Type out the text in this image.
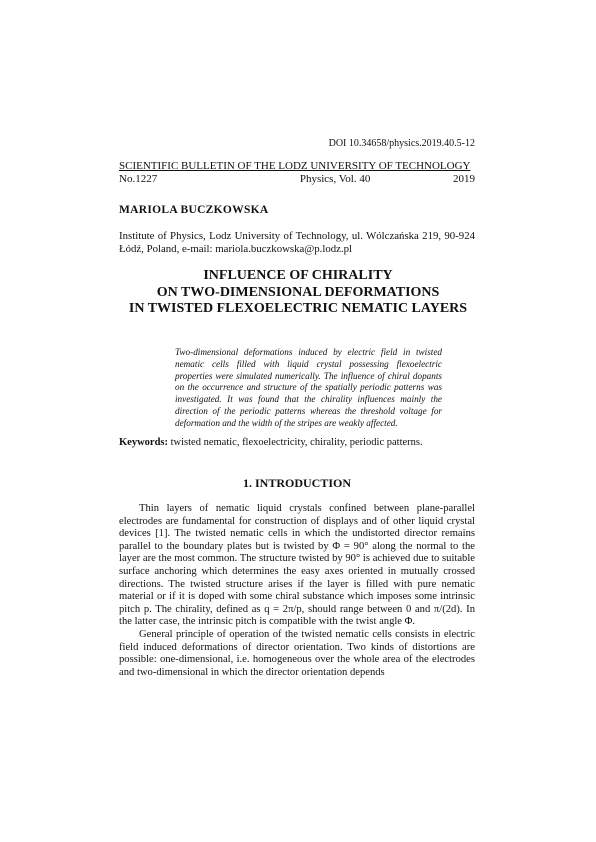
DOI 10.34658/physics.2019.40.5-12
SCIENTIFIC BULLETIN OF THE LODZ UNIVERSITY OF TECHNOLOGY
No.1227	Physics, Vol. 40	2019
MARIOLA BUCZKOWSKA
Institute of Physics, Lodz University of Technology, ul. Wólczańska 219, 90-924 Łódź, Poland, e-mail: mariola.buczkowska@p.lodz.pl
INFLUENCE OF CHIRALITY
ON TWO-DIMENSIONAL DEFORMATIONS
IN TWISTED FLEXOELECTRIC NEMATIC LAYERS
Two-dimensional deformations induced by electric field in twisted nematic cells filled with liquid crystal possessing flexoelectric properties were simulated numerically. The influence of chiral dopants on the occurrence and structure of the spatially periodic patterns was investigated. It was found that the chirality influences mainly the direction of the periodic patterns whereas the threshold voltage for deformation and the width of the stripes are weakly affected.
Keywords: twisted nematic, flexoelectricity, chirality, periodic patterns.
1. INTRODUCTION

Thin layers of nematic liquid crystals confined between plane-parallel electrodes are fundamental for construction of displays and of other liquid crystal devices [1]. The twisted nematic cells in which the undistorted director remains parallel to the boundary plates but is twisted by Φ = 90° along the normal to the layer are the most common. The structure twisted by 90° is achieved due to suitable surface anchoring which determines the easy axes oriented in mutually crossed directions. The twisted structure arises if the layer is filled with pure nematic material or if it is doped with some chiral substance which imposes some intrinsic pitch p. The chirality, defined as q = 2π/p, should range between 0 and π/(2d). In the latter case, the intrinsic pitch is compatible with the twist angle Φ.

General principle of operation of the twisted nematic cells consists in electric field induced deformations of director orientation. Two kinds of distortions are possible: one-dimensional, i.e. homogeneous over the whole area of the electrodes and two-dimensional in which the director orientation depends
